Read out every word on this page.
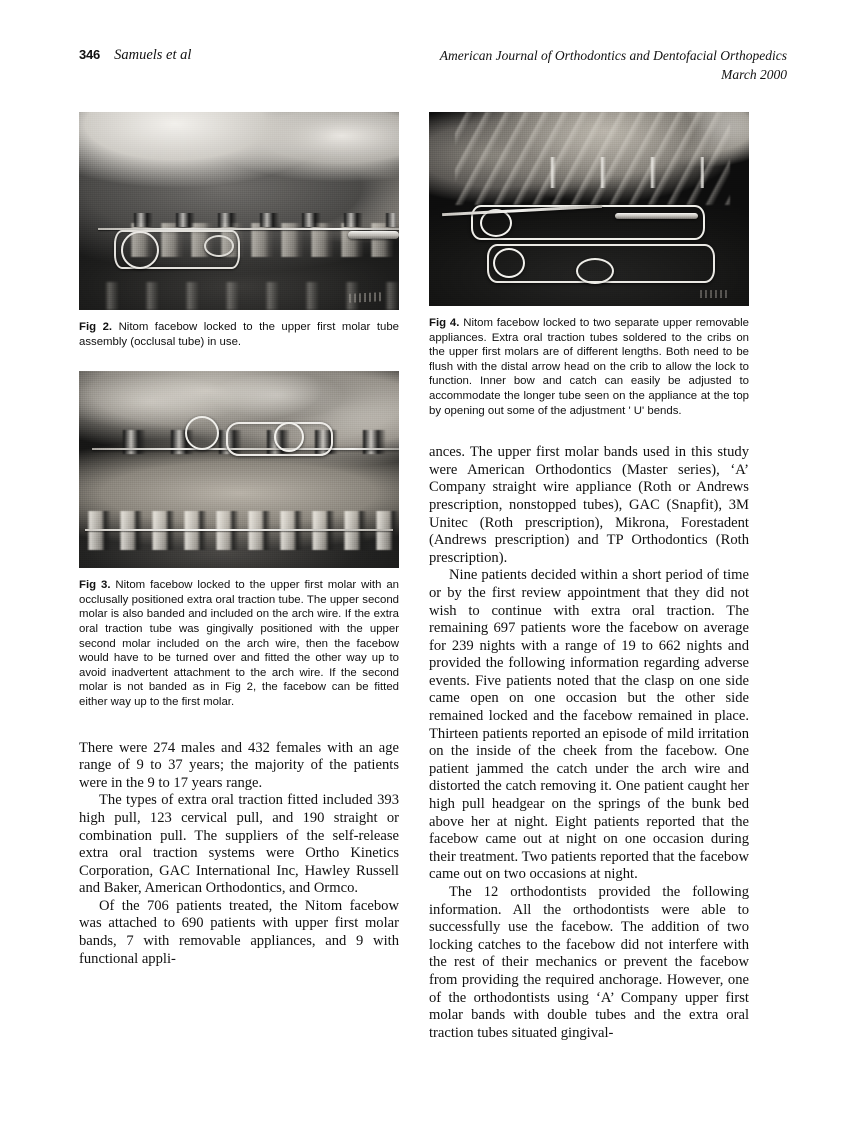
346 Samuels et al	American Journal of Orthodontics and Dentofacial Orthopedics
March 2000
Fig 2. Nitom facebow locked to the upper first molar tube assembly (occlusal tube) in use.
Fig 3. Nitom facebow locked to the upper first molar with an occlusally positioned extra oral traction tube. The upper second molar is also banded and included on the arch wire. If the extra oral traction tube was gingivally positioned with the upper second molar included on the arch wire, then the facebow would have to be turned over and fitted the other way up to avoid inadvertent attachment to the arch wire. If the second molar is not banded as in Fig 2, the facebow can be fitted either way up to the first molar.

There were 274 males and 432 females with an age range of 9 to 37 years; the majority of the patients were in the 9 to 17 years range.

The types of extra oral traction fitted included 393 high pull, 123 cervical pull, and 190 straight or combination pull. The suppliers of the self-release extra oral traction systems were Ortho Kinetics Corporation, GAC International Inc, Hawley Russell and Baker, American Orthodontics, and Ormco.

Of the 706 patients treated, the Nitom facebow was attached to 690 patients with upper first molar bands, 7 with removable appliances, and 9 with functional appli-

Fig 4. Nitom facebow locked to two separate upper removable appliances. Extra oral traction tubes soldered to the cribs on the upper first molars are of different lengths. Both need to be flush with the distal arrow head on the crib to allow the lock to function. Inner bow and catch can easily be adjusted to accommodate the longer tube seen on the appliance at the top by opening out some of the adjustment ' U' bends.

ances. The upper first molar bands used in this study were American Orthodontics (Master series), ‘A’ Company straight wire appliance (Roth or Andrews prescription, nonstopped tubes), GAC (Snapfit), 3M Unitec (Roth prescription), Mikrona, Forestadent (Andrews prescription) and TP Orthodontics (Roth prescription).

Nine patients decided within a short period of time or by the first review appointment that they did not wish to continue with extra oral traction. The remaining 697 patients wore the facebow on average for 239 nights with a range of 19 to 662 nights and provided the following information regarding adverse events. Five patients noted that the clasp on one side came open on one occasion but the other side remained locked and the facebow remained in place. Thirteen patients reported an episode of mild irritation on the inside of the cheek from the facebow. One patient jammed the catch under the arch wire and distorted the catch removing it. One patient caught her high pull headgear on the springs of the bunk bed above her at night. Eight patients reported that the facebow came out at night on one occasion during their treatment. Two patients reported that the facebow came out on two occasions at night.

The 12 orthodontists provided the following information. All the orthodontists were able to successfully use the facebow. The addition of two locking catches to the facebow did not interfere with the rest of their mechanics or prevent the facebow from providing the required anchorage. However, one of the orthodontists using ‘A’ Company upper first molar bands with double tubes and the extra oral traction tubes situated gingival-
